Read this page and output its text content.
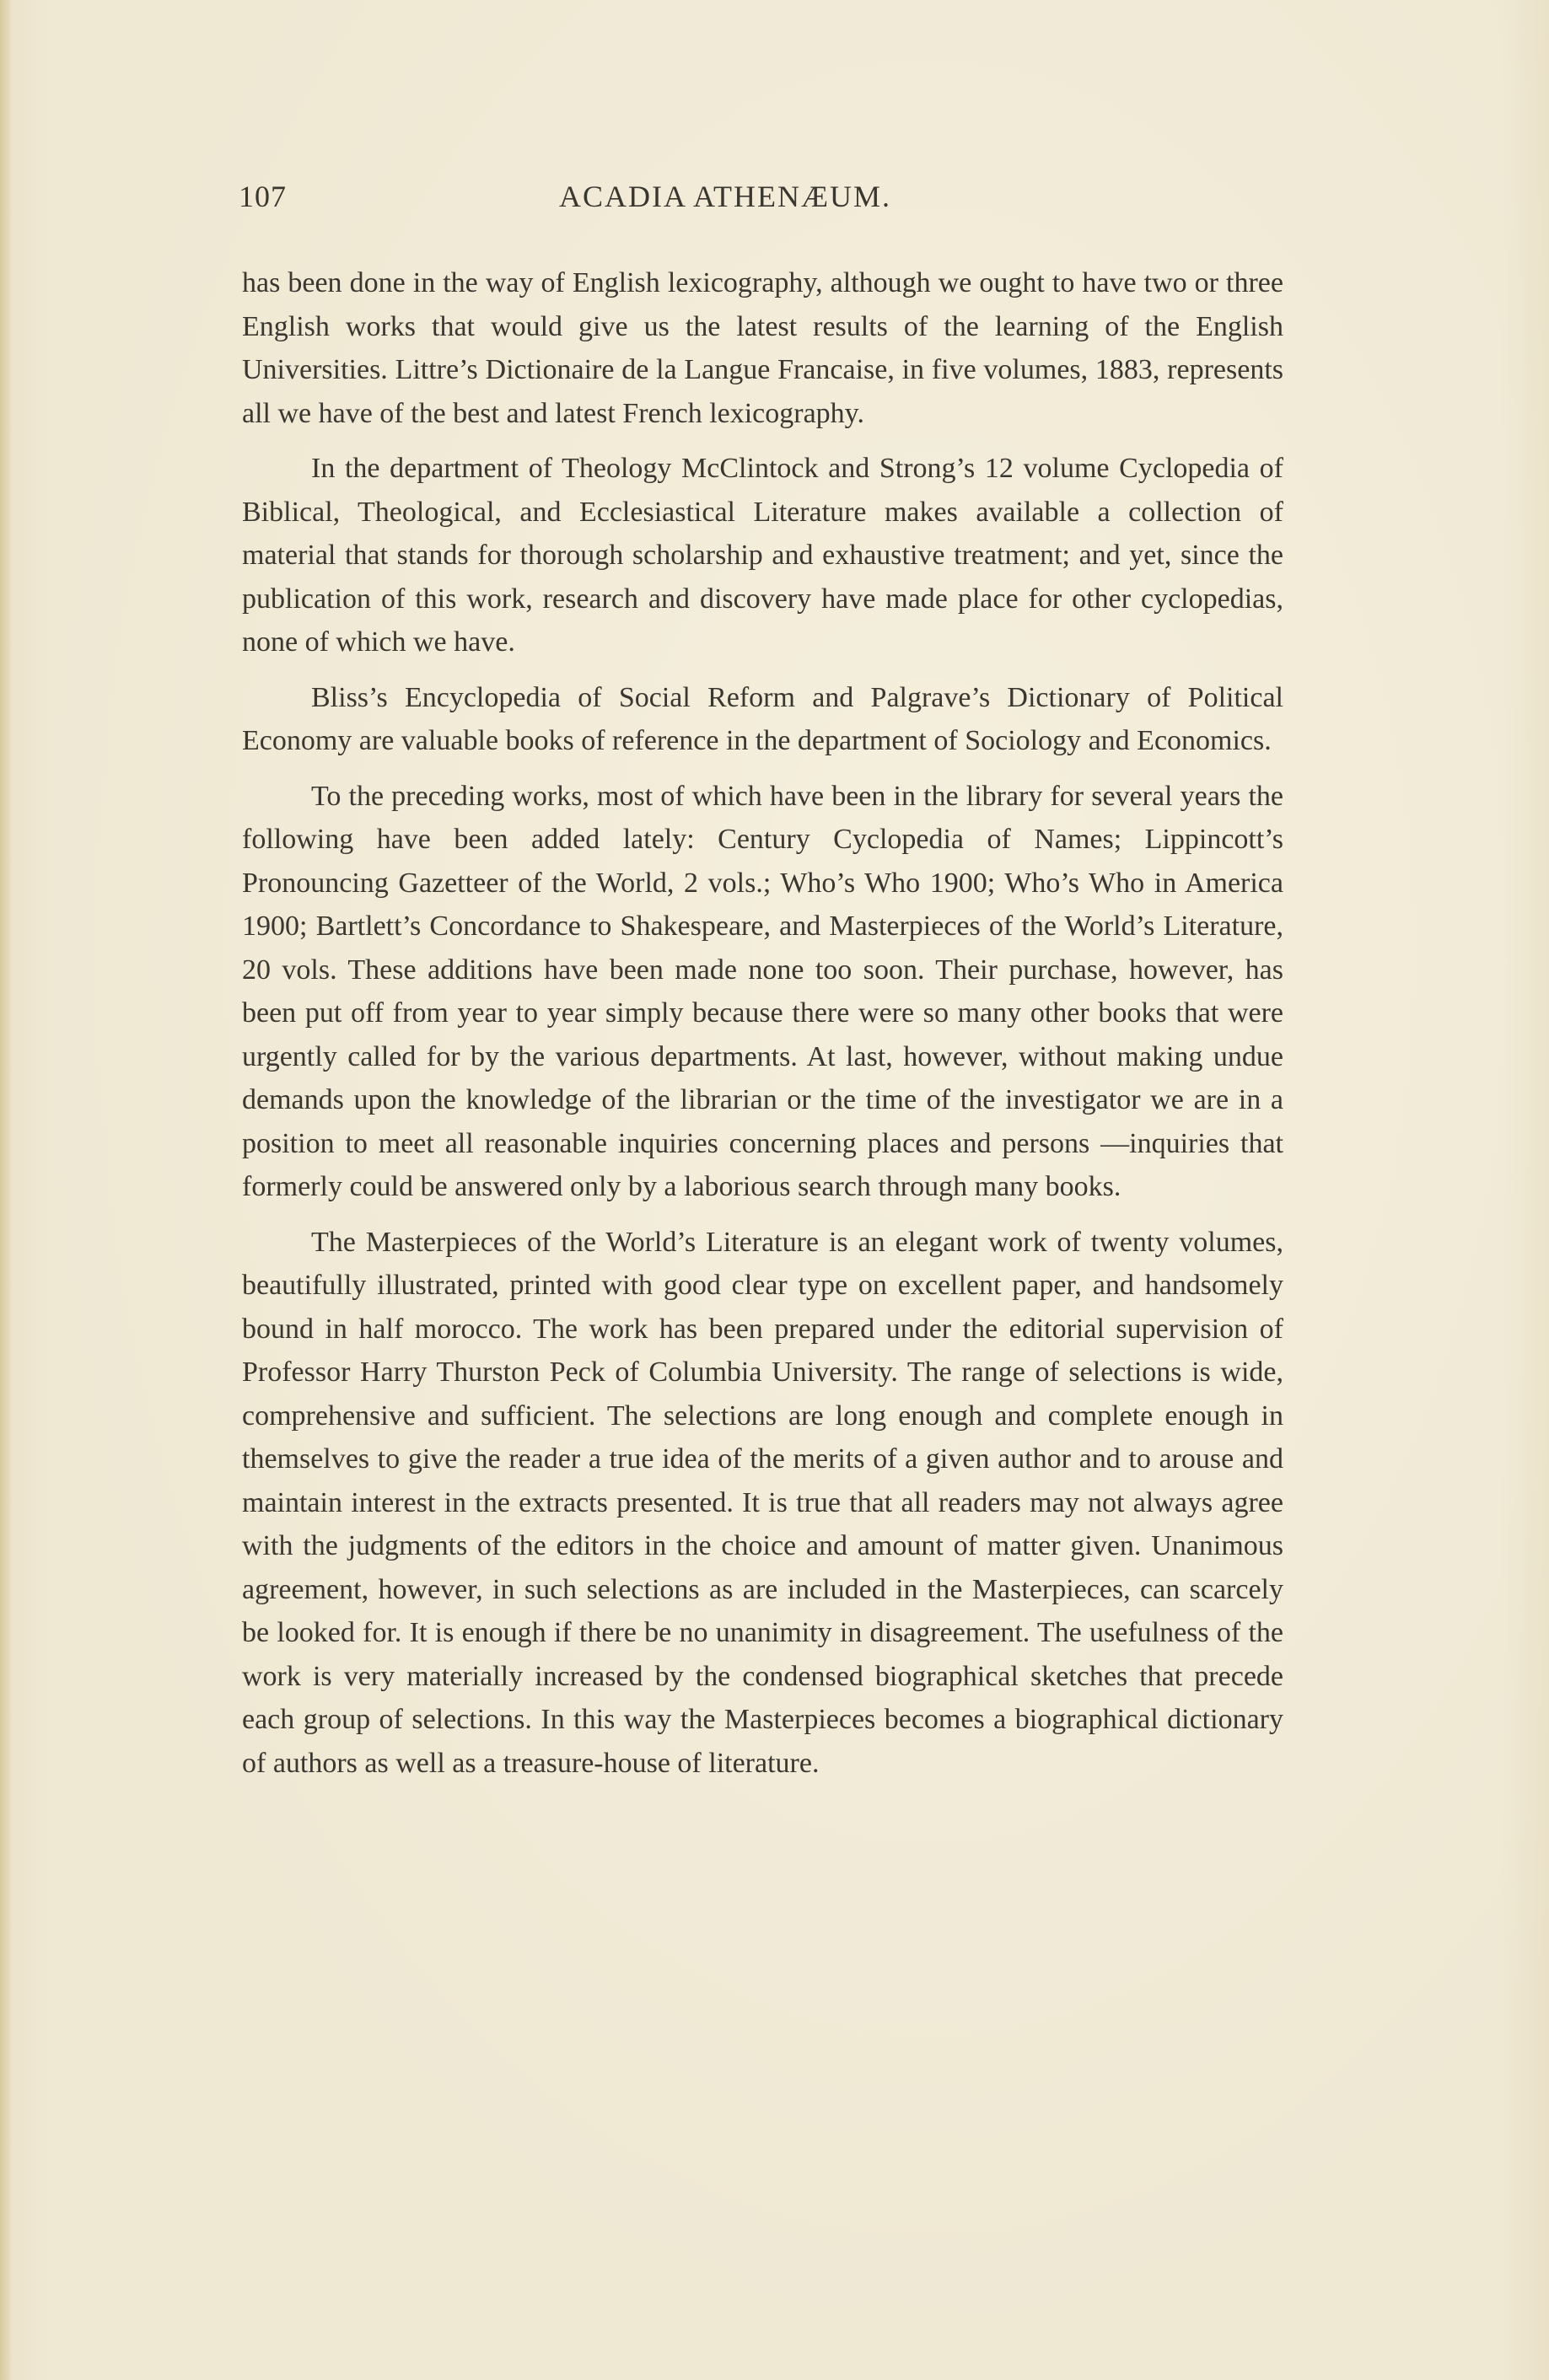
107	ACADIA ATHENÆUM.

has been done in the way of English lexicography, although we ought to have two or three English works that would give us the latest results of the learning of the English Universities. Littre’s Dictionaire de la Langue Francaise, in five volumes, 1883, represents all we have of the best and latest French lexicography.

In the department of Theology McClintock and Strong’s 12 volume Cyclopedia of Biblical, Theological, and Ecclesiastical Literature makes available a collection of material that stands for thorough scholarship and exhaustive treatment; and yet, since the publication of this work, research and discovery have made place for other cyclopedias, none of which we have.

Bliss’s Encyclopedia of Social Reform and Palgrave’s Dictionary of Political Economy are valuable books of reference in the department of Sociology and Economics.

To the preceding works, most of which have been in the library for several years the following have been added lately: Century Cyclopedia of Names; Lippincott’s Pronouncing Gazetteer of the World, 2 vols.; Who’s Who 1900; Who’s Who in America 1900; Bartlett’s Concordance to Shakespeare, and Masterpieces of the World’s Literature, 20 vols. These additions have been made none too soon. Their purchase, however, has been put off from year to year simply because there were so many other books that were urgently called for by the various departments. At last, however, without making undue demands upon the knowledge of the librarian or the time of the investigator we are in a position to meet all reasonable inquiries concerning places and persons —inquiries that formerly could be answered only by a laborious search through many books.

The Masterpieces of the World’s Literature is an elegant work of twenty volumes, beautifully illustrated, printed with good clear type on excellent paper, and handsomely bound in half morocco. The work has been prepared under the editorial supervision of Professor Harry Thurston Peck of Columbia University. The range of selections is wide, comprehensive and sufficient. The selections are long enough and complete enough in themselves to give the reader a true idea of the merits of a given author and to arouse and maintain interest in the extracts presented. It is true that all readers may not always agree with the judgments of the editors in the choice and amount of matter given. Unanimous agreement, however, in such selections as are included in the Masterpieces, can scarcely be looked for. It is enough if there be no unanimity in disagreement. The usefulness of the work is very materially increased by the condensed biographical sketches that precede each group of selections. In this way the Masterpieces becomes a biographical dictionary of authors as well as a treasure-house of literature.
